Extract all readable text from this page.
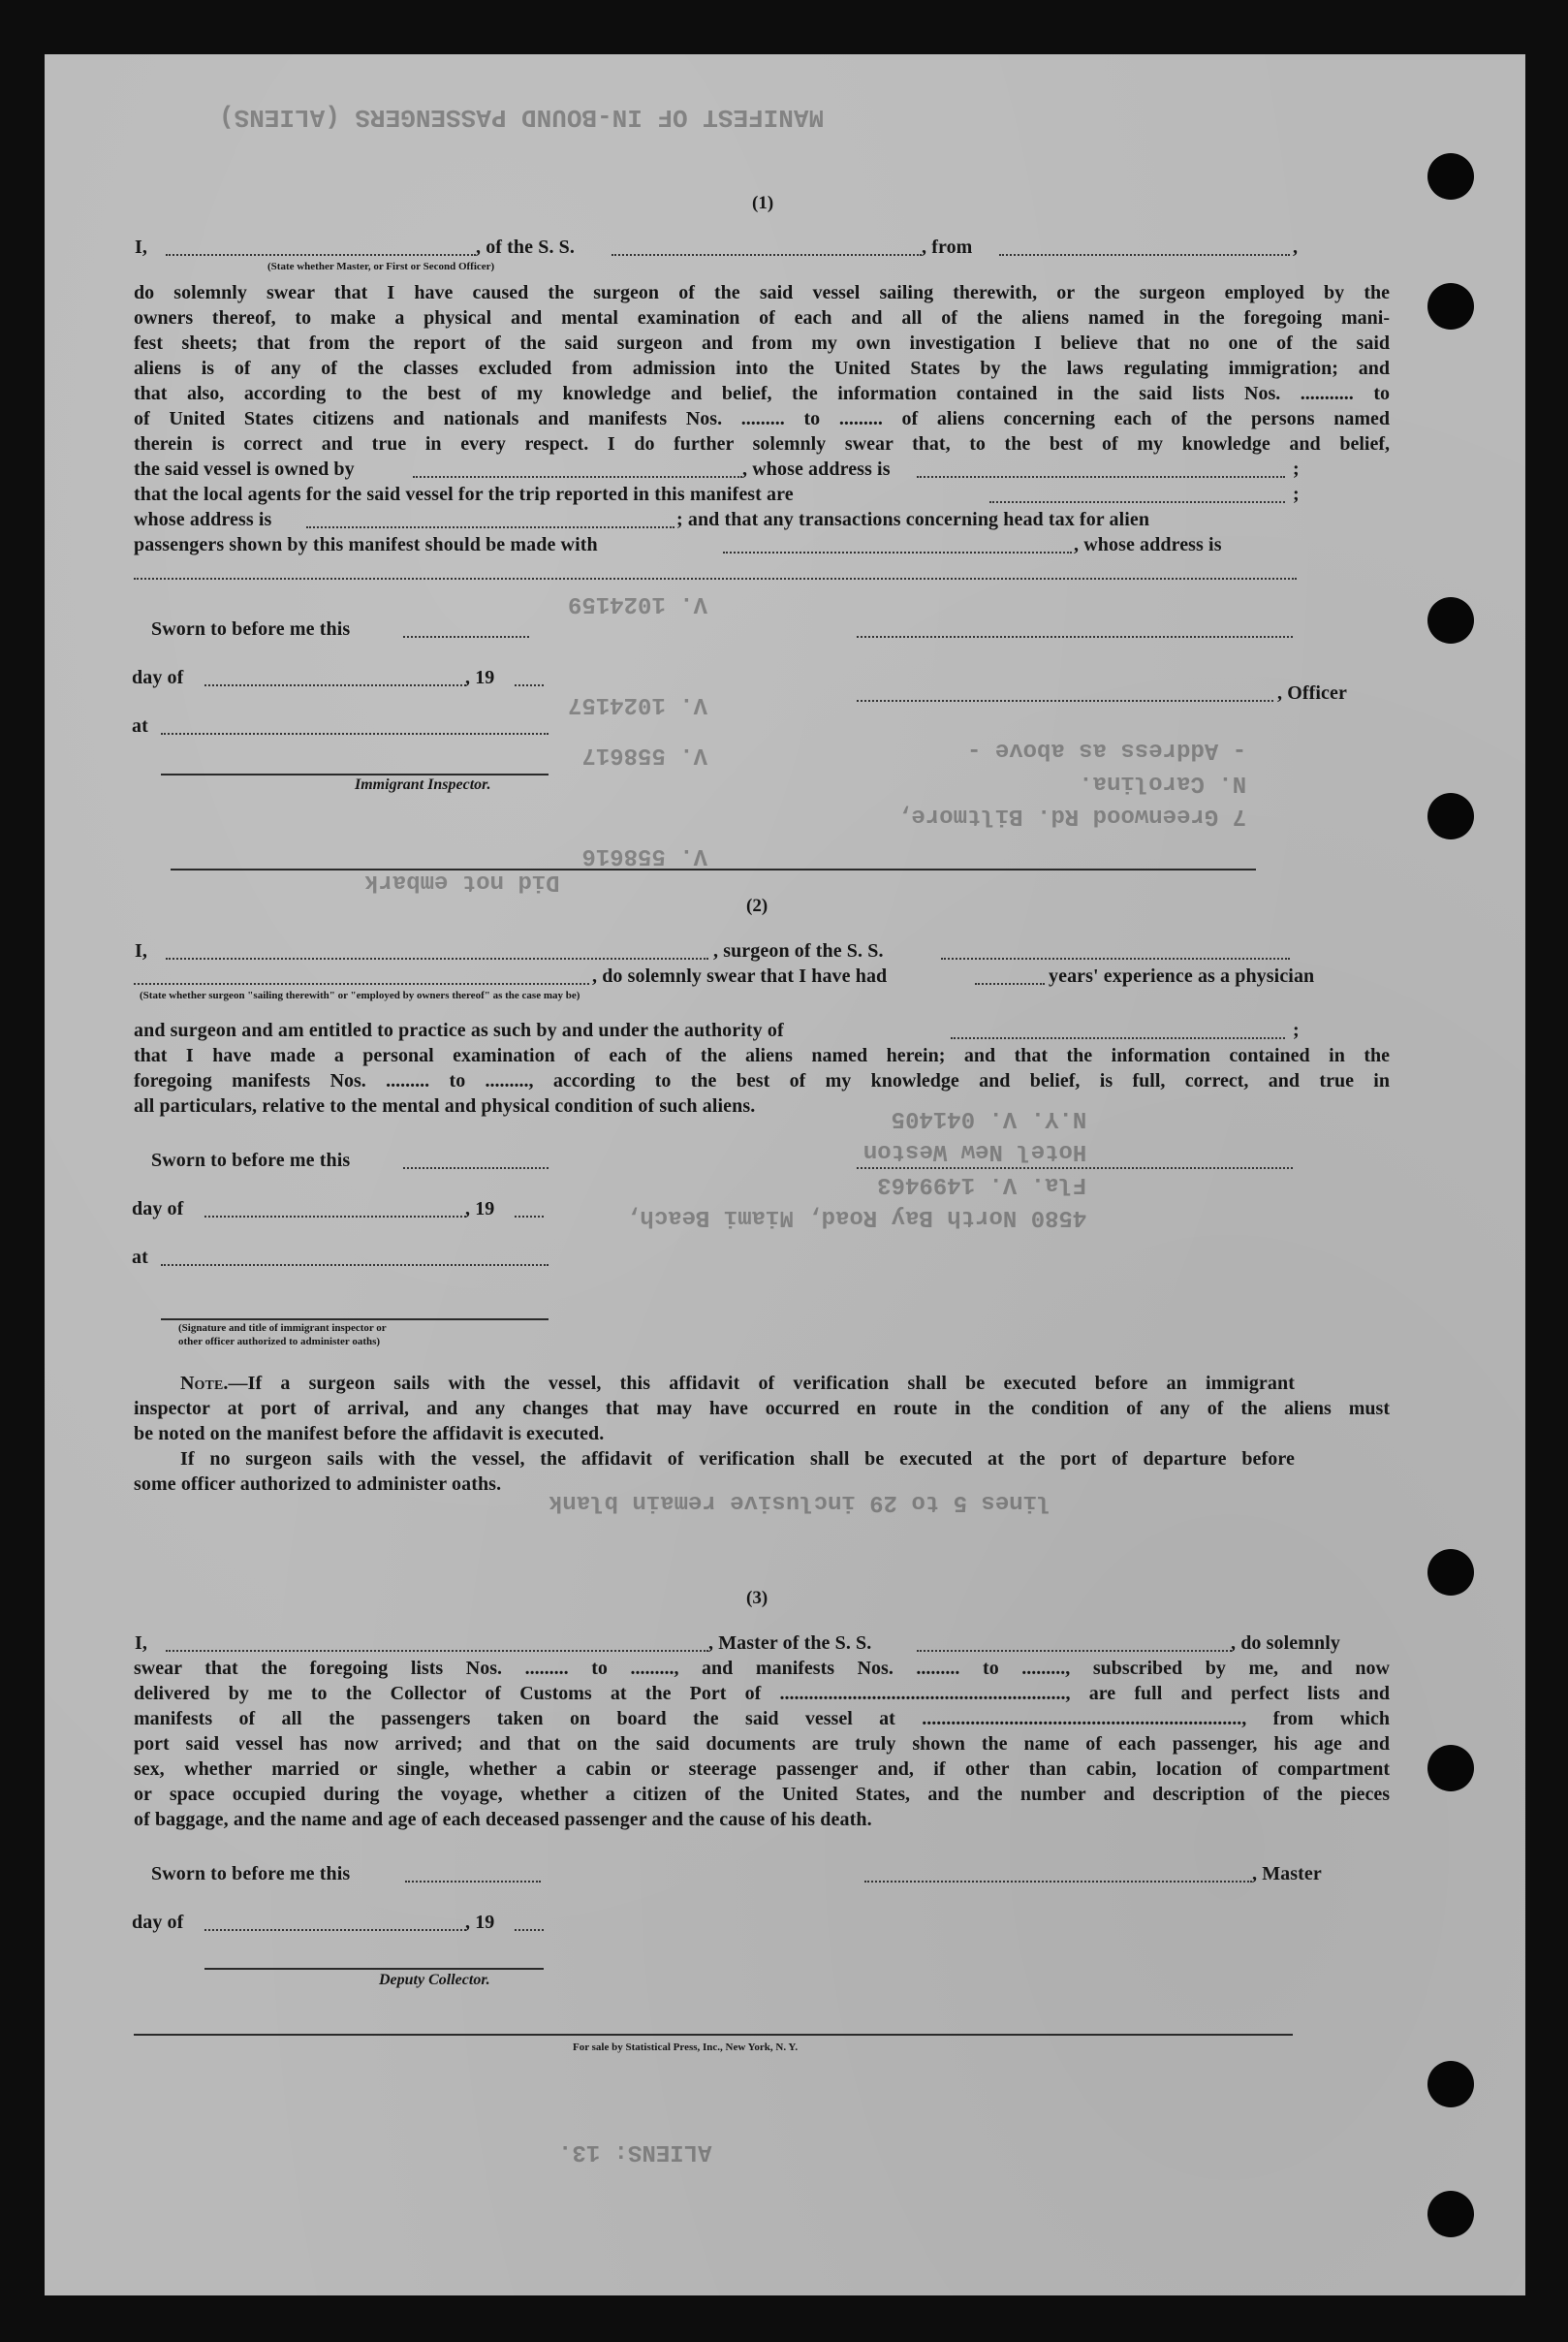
MANIFEST OF IN-BOUND PASSENGERS (ALIENS)
V. 558616

V. 558617
V. 1024157

V. 1024159
7 Greenwood Rd. Biltmore,
N. Carolina.
- Address as above -
Did not embark
4580 North Bay Road, Miami Beach,
Fla. V. 1499463
Hotel New Weston
N.Y. V. 041405
lines 5 to 29 inclusive remain blank
ALIENS: 13.
(1)
I,	, of the S. S.	, from	,
(State whether Master, or First or Second Officer)
do solemnly swear that I have caused the surgeon of the said vessel sailing therewith, or the surgeon employed by the
owners thereof, to make a physical and mental examination of each and all of the aliens named in the foregoing mani-
fest sheets; that from the report of the said surgeon and from my own investigation I believe that no one of the said
aliens is of any of the classes excluded from admission into the United States by the laws regulating immigration; and
that also, according to the best of my knowledge and belief, the information contained in the said lists Nos. ........... to
of United States citizens and nationals and manifests Nos. ......... to ......... of aliens concerning each of the persons named
therein is correct and true in every respect. I do further solemnly swear that, to the best of my knowledge and belief,
the said vessel is owned by	, whose address is	;
that the local agents for the said vessel for the trip reported in this manifest are	;
whose address is	; and that any transactions concerning head tax for alien
passengers shown by this manifest should be made with	, whose address is
Sworn to before me this
day of	, 19
, Officer
at
Immigrant Inspector.
(2)
I,	, surgeon of the S. S.
, do solemnly swear that I have had	years' experience as a physician
(State whether surgeon "sailing therewith" or "employed by owners thereof" as the case may be)
and surgeon and am entitled to practice as such by and under the authority of	;
that I have made a personal examination of each of the aliens named herein; and that the information contained in the
foregoing manifests Nos. ......... to ........., according to the best of my knowledge and belief, is full, correct, and true in
all particulars, relative to the mental and physical condition of such aliens.
Sworn to before me this
day of	, 19
at
(Signature and title of immigrant inspector or
other officer authorized to administer oaths)
Note.—If a surgeon sails with the vessel, this affidavit of verification shall be executed before an immigrant
inspector at port of arrival, and any changes that may have occurred en route in the condition of any of the aliens must
be noted on the manifest before the affidavit is executed.
If no surgeon sails with the vessel, the affidavit of verification shall be executed at the port of departure before
some officer authorized to administer oaths.
(3)
I,	, Master of the S. S.	, do solemnly
swear that the foregoing lists Nos. ......... to ........., and manifests Nos. ......... to ........., subscribed by me, and now
delivered by me to the Collector of Customs at the Port of ..........................................................., are full and perfect lists and
manifests of all the passengers taken on board the said vessel at .................................................................., from which
port said vessel has now arrived; and that on the said documents are truly shown the name of each passenger, his age and
sex, whether married or single, whether a cabin or steerage passenger and, if other than cabin, location of compartment
or space occupied during the voyage, whether a citizen of the United States, and the number and description of the pieces
of baggage, and the name and age of each deceased passenger and the cause of his death.
Sworn to before me this	, Master
day of	, 19
Deputy Collector.
For sale by Statistical Press, Inc., New York, N. Y.
